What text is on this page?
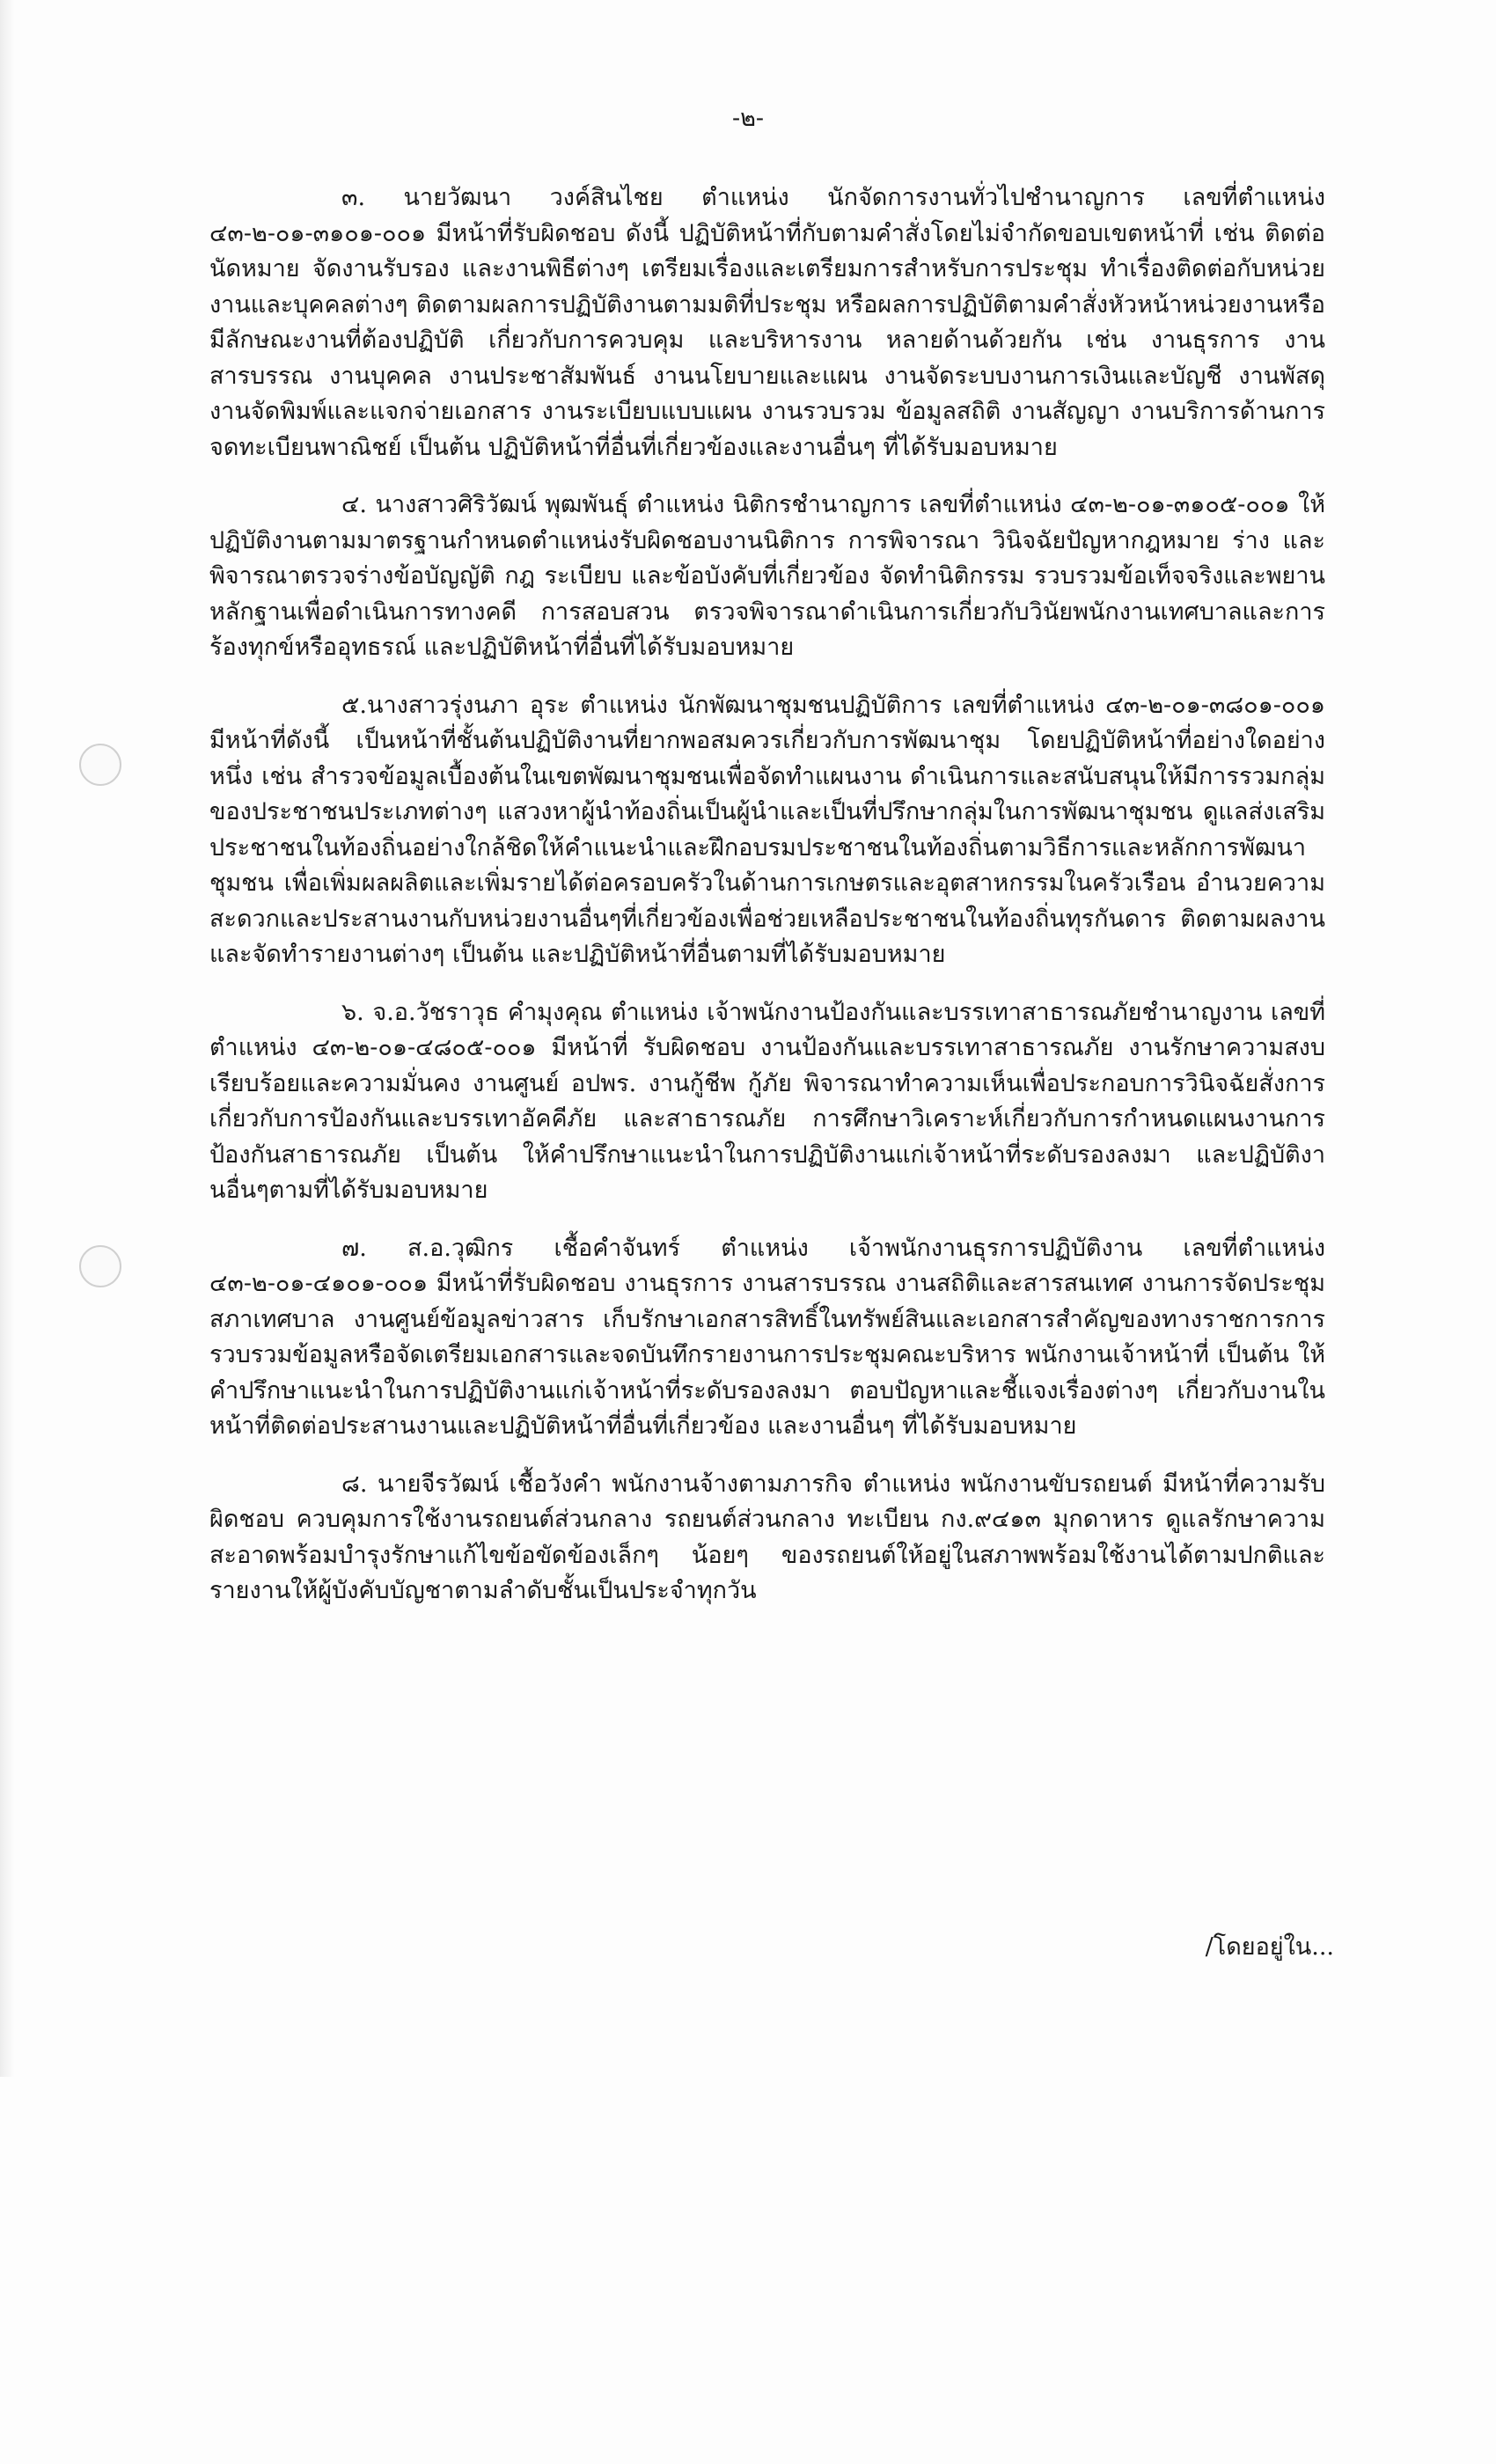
-๒-

๓. นายวัฒนา วงค์สินไชย ตำแหน่ง นักจัดการงานทั่วไปชำนาญการ เลขที่ตำแหน่ง ๔๓-๒-๐๑-๓๑๐๑-๐๐๑ มีหน้าที่รับผิดชอบ ดังนี้ ปฏิบัติหน้าที่กับตามคำสั่งโดยไม่จำกัดขอบเขตหน้าที่ เช่น ติดต่อนัดหมาย จัดงานรับรอง และงานพิธีต่างๆ เตรียมเรื่องและเตรียมการสำหรับการประชุม ทำเรื่องติดต่อกับหน่วยงานและบุคคลต่างๆ ติดตามผลการปฏิบัติงานตามมติที่ประชุม หรือผลการปฏิบัติตามคำสั่งหัวหน้าหน่วยงานหรือมีลักษณะงานที่ต้องปฏิบัติ เกี่ยวกับการควบคุม และบริหารงาน หลายด้านด้วยกัน เช่น งานธุรการ งานสารบรรณ งานบุคคล งานประชาสัมพันธ์ งานนโยบายและแผน งานจัดระบบงานการเงินและบัญชี งานพัสดุ งานจัดพิมพ์และแจกจ่ายเอกสาร งานระเบียบแบบแผน งานรวบรวม ข้อมูลสถิติ งานสัญญา งานบริการด้านการจดทะเบียนพาณิชย์ เป็นต้น ปฏิบัติหน้าที่อื่นที่เกี่ยวข้องและงานอื่นๆ ที่ได้รับมอบหมาย

๔. นางสาวศิริวัฒน์ พุฒพันธุ์ ตำแหน่ง นิติกรชำนาญการ เลขที่ตำแหน่ง ๔๓-๒-๐๑-๓๑๐๕-๐๐๑ ให้ปฏิบัติงานตามมาตรฐานกำหนดตำแหน่งรับผิดชอบงานนิติการ การพิจารณา วินิจฉัยปัญหากฎหมาย ร่าง และพิจารณาตรวจร่างข้อบัญญัติ กฎ ระเบียบ และข้อบังคับที่เกี่ยวข้อง จัดทำนิติกรรม รวบรวมข้อเท็จจริงและพยานหลักฐานเพื่อดำเนินการทางคดี การสอบสวน ตรวจพิจารณาดำเนินการเกี่ยวกับวินัยพนักงานเทศบาลและการร้องทุกข์หรืออุทธรณ์ และปฏิบัติหน้าที่อื่นที่ได้รับมอบหมาย

๕.นางสาวรุ่งนภา อุระ ตำแหน่ง นักพัฒนาชุมชนปฏิบัติการ เลขที่ตำแหน่ง ๔๓-๒-๐๑-๓๘๐๑-๐๐๑ มีหน้าที่ดังนี้ เป็นหน้าที่ชั้นต้นปฏิบัติงานที่ยากพอสมควรเกี่ยวกับการพัฒนาชุม โดยปฏิบัติหน้าที่อย่างใดอย่างหนึ่ง เช่น สำรวจข้อมูลเบื้องต้นในเขตพัฒนาชุมชนเพื่อจัดทำแผนงาน ดำเนินการและสนับสนุนให้มีการรวมกลุ่มของประชาชนประเภทต่างๆ แสวงหาผู้นำท้องถิ่นเป็นผู้นำและเป็นที่ปรึกษากลุ่มในการพัฒนาชุมชน ดูแลส่งเสริมประชาชนในท้องถิ่นอย่างใกล้ชิดให้คำแนะนำและฝึกอบรมประชาชนในท้องถิ่นตามวิธีการและหลักการพัฒนาชุมชน เพื่อเพิ่มผลผลิตและเพิ่มรายได้ต่อครอบครัวในด้านการเกษตรและอุตสาหกรรมในครัวเรือน อำนวยความสะดวกและประสานงานกับหน่วยงานอื่นๆที่เกี่ยวข้องเพื่อช่วยเหลือประชาชนในท้องถิ่นทุรกันดาร ติดตามผลงานและจัดทำรายงานต่างๆ เป็นต้น และปฏิบัติหน้าที่อื่นตามที่ได้รับมอบหมาย

๖. จ.อ.วัชราวุธ คำมุงคุณ ตำแหน่ง เจ้าพนักงานป้องกันและบรรเทาสาธารณภัยชำนาญงาน เลขที่ตำแหน่ง ๔๓-๒-๐๑-๔๘๐๕-๐๐๑ มีหน้าที่ รับผิดชอบ งานป้องกันและบรรเทาสาธารณภัย งานรักษาความสงบเรียบร้อยและความมั่นคง งานศูนย์ อปพร. งานกู้ชีพ กู้ภัย พิจารณาทำความเห็นเพื่อประกอบการวินิจฉัยสั่งการเกี่ยวกับการป้องกันและบรรเทาอัคคีภัย และสาธารณภัย การศึกษาวิเคราะห์เกี่ยวกับการกำหนดแผนงานการป้องกันสาธารณภัย เป็นต้น ให้คำปรึกษาแนะนำในการปฏิบัติงานแก่เจ้าหน้าที่ระดับรองลงมา และปฏิบัติงานอื่นๆตามที่ได้รับมอบหมาย

๗. ส.อ.วุฒิกร เชื้อคำจันทร์ ตำแหน่ง เจ้าพนักงานธุรการปฏิบัติงาน เลขที่ตำแหน่ง ๔๓-๒-๐๑-๔๑๐๑-๐๐๑ มีหน้าที่รับผิดชอบ งานธุรการ งานสารบรรณ งานสถิติและสารสนเทศ งานการจัดประชุมสภาเทศบาล งานศูนย์ข้อมูลข่าวสาร เก็บรักษาเอกสารสิทธิ์ในทรัพย์สินและเอกสารสำคัญของทางราชการการรวบรวมข้อมูลหรือจัดเตรียมเอกสารและจดบันทึกรายงานการประชุมคณะบริหาร พนักงานเจ้าหน้าที่ เป็นต้น ให้คำปรึกษาแนะนำในการปฏิบัติงานแก่เจ้าหน้าที่ระดับรองลงมา ตอบปัญหาและชี้แจงเรื่องต่างๆ เกี่ยวกับงานในหน้าที่ติดต่อประสานงานและปฏิบัติหน้าที่อื่นที่เกี่ยวข้อง และงานอื่นๆ ที่ได้รับมอบหมาย

๘. นายจีรวัฒน์ เชื้อวังคำ พนักงานจ้างตามภารกิจ ตำแหน่ง พนักงานขับรถยนต์ มีหน้าที่ความรับผิดชอบ ควบคุมการใช้งานรถยนต์ส่วนกลาง รถยนต์ส่วนกลาง ทะเบียน กง.๙๔๑๓ มุกดาหาร ดูแลรักษาความสะอาดพร้อมบำรุงรักษาแก้ไขข้อขัดข้องเล็กๆ น้อยๆ ของรถยนต์ให้อยู่ในสภาพพร้อมใช้งานได้ตามปกติและรายงานให้ผู้บังคับบัญชาตามลำดับชั้นเป็นประจำทุกวัน

/โดยอยู่ใน...
